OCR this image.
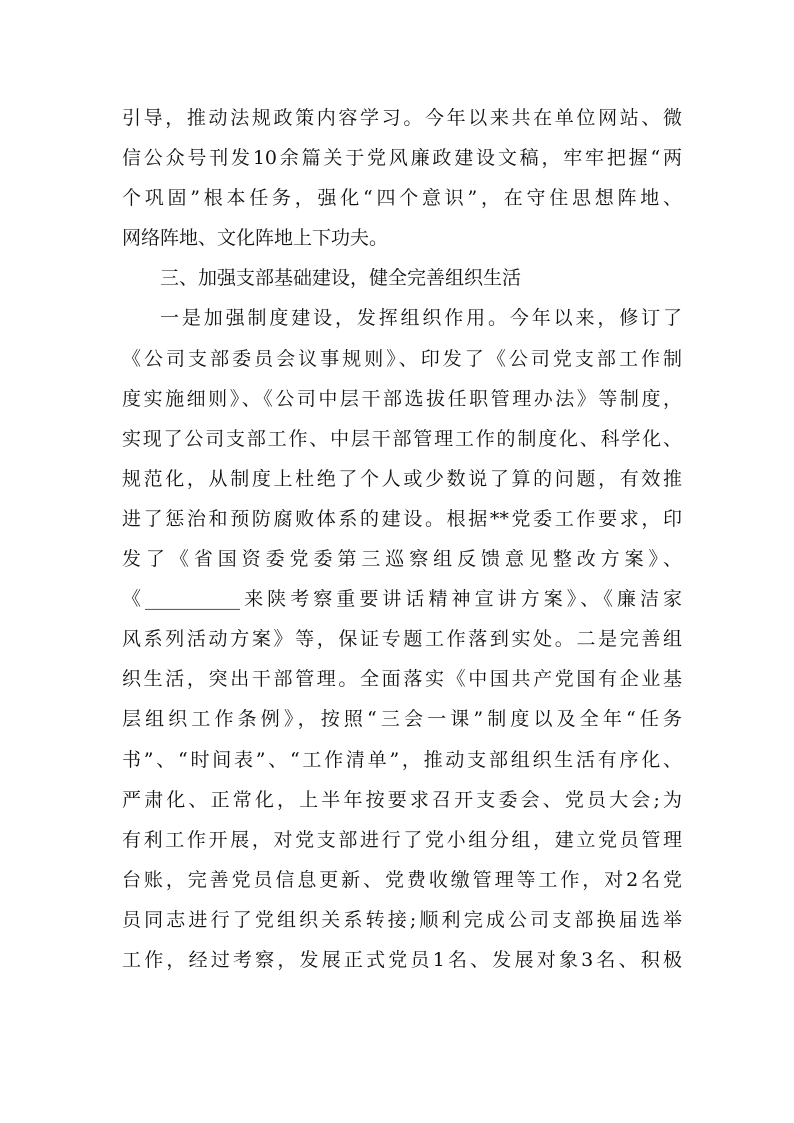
引导，推动法规政策内容学习。今年以来共在单位网站、微

信公众号刊发10余篇关于党风廉政建设文稿，牢牢把握“两

个巩固”根本任务，强化“四个意识”，在守住思想阵地、

网络阵地、文化阵地上下功夫。

三、加强支部基础建设，健全完善组织生活

一是加强制度建设，发挥组织作用。今年以来，修订了

《公司支部委员会议事规则》、印发了《公司党支部工作制

度实施细则》、《公司中层干部选拔任职管理办法》等制度，

实现了公司支部工作、中层干部管理工作的制度化、科学化、

规范化，从制度上杜绝了个人或少数说了算的问题，有效推

进了惩治和预防腐败体系的建设。根据**党委工作要求，印

发了《省国资委党委第三巡察组反馈意见整改方案》、

《__________来陕考察重要讲话精神宣讲方案》、《廉洁家

风系列活动方案》等，保证专题工作落到实处。二是完善组

织生活，突出干部管理。全面落实《中国共产党国有企业基

层组织工作条例》，按照“三会一课”制度以及全年“任务

书”、“时间表”、“工作清单”，推动支部组织生活有序化、

严肃化、正常化，上半年按要求召开支委会、党员大会;为

有利工作开展，对党支部进行了党小组分组，建立党员管理

台账，完善党员信息更新、党费收缴管理等工作，对2名党

员同志进行了党组织关系转接;顺利完成公司支部换届选举

工作，经过考察，发展正式党员1名、发展对象3名、积极
